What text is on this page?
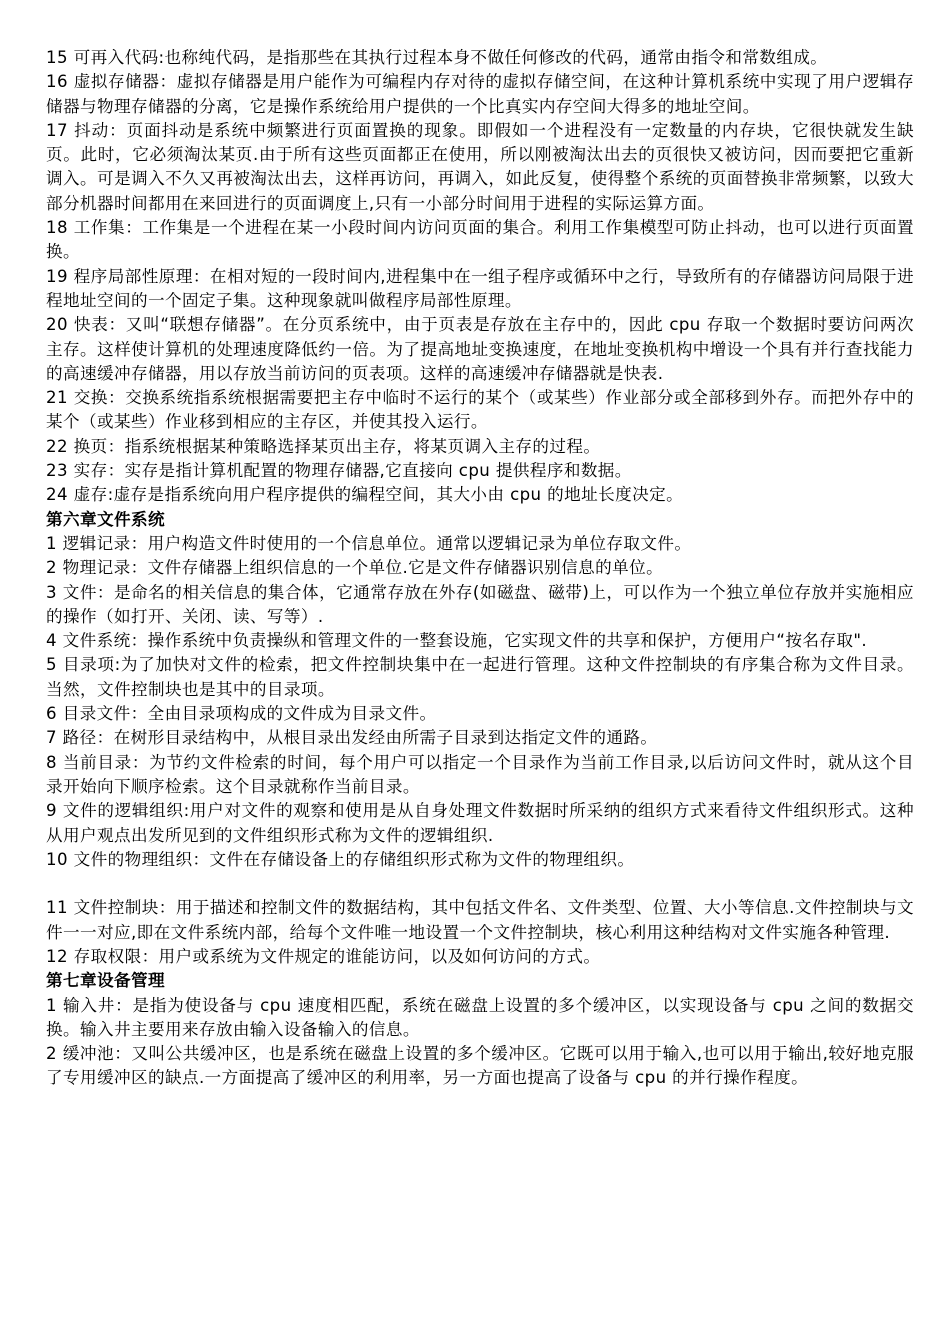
15 可再入代码:也称纯代码，是指那些在其执行过程本身不做任何修改的代码，通常由指令和常数组成。
16 虚拟存储器：虚拟存储器是用户能作为可编程内存对待的虚拟存储空间，在这种计算机系统中实现了用户逻辑存储器与物理存储器的分离，它是操作系统给用户提供的一个比真实内存空间大得多的地址空间。
17 抖动：页面抖动是系统中频繁进行页面置换的现象。即假如一个进程没有一定数量的内存块，它很快就发生缺页。此时，它必须淘汰某页.由于所有这些页面都正在使用，所以刚被淘汰出去的页很快又被访问，因而要把它重新调入。可是调入不久又再被淘汰出去，这样再访问，再调入，如此反复，使得整个系统的页面替换非常频繁，以致大部分机器时间都用在来回进行的页面调度上,只有一小部分时间用于进程的实际运算方面。
18 工作集：工作集是一个进程在某一小段时间内访问页面的集合。利用工作集模型可防止抖动，也可以进行页面置换。
19 程序局部性原理：在相对短的一段时间内,进程集中在一组子程序或循环中之行，导致所有的存储器访问局限于进程地址空间的一个固定子集。这种现象就叫做程序局部性原理。
20 快表：又叫“联想存储器”。在分页系统中，由于页表是存放在主存中的，因此 cpu 存取一个数据时要访问两次主存。这样使计算机的处理速度降低约一倍。为了提高地址变换速度，在地址变换机构中增设一个具有并行查找能力的高速缓冲存储器，用以存放当前访问的页表项。这样的高速缓冲存储器就是快表.
21 交换：交换系统指系统根据需要把主存中临时不运行的某个（或某些）作业部分或全部移到外存。而把外存中的某个（或某些）作业移到相应的主存区，并使其投入运行。
22 换页：指系统根据某种策略选择某页出主存，将某页调入主存的过程。
23 实存：实存是指计算机配置的物理存储器,它直接向 cpu 提供程序和数据。
24 虚存:虚存是指系统向用户程序提供的编程空间，其大小由 cpu 的地址长度决定。
第六章文件系统
1 逻辑记录：用户构造文件时使用的一个信息单位。通常以逻辑记录为单位存取文件。
2 物理记录：文件存储器上组织信息的一个单位.它是文件存储器识别信息的单位。
3 文件：是命名的相关信息的集合体，它通常存放在外存(如磁盘、磁带)上，可以作为一个独立单位存放并实施相应的操作（如打开、关闭、读、写等）.
4 文件系统：操作系统中负责操纵和管理文件的一整套设施，它实现文件的共享和保护，方便用户“按名存取".
5 目录项:为了加快对文件的检索，把文件控制块集中在一起进行管理。这种文件控制块的有序集合称为文件目录。当然，文件控制块也是其中的目录项。
6 目录文件：全由目录项构成的文件成为目录文件。
7 路径：在树形目录结构中，从根目录出发经由所需子目录到达指定文件的通路。
8 当前目录：为节约文件检索的时间，每个用户可以指定一个目录作为当前工作目录,以后访问文件时，就从这个目录开始向下顺序检索。这个目录就称作当前目录。
9 文件的逻辑组织:用户对文件的观察和使用是从自身处理文件数据时所采纳的组织方式来看待文件组织形式。这种从用户观点出发所见到的文件组织形式称为文件的逻辑组织.
10 文件的物理组织：文件在存储设备上的存储组织形式称为文件的物理组织。
11 文件控制块：用于描述和控制文件的数据结构，其中包括文件名、文件类型、位置、大小等信息.文件控制块与文件一一对应,即在文件系统内部，给每个文件唯一地设置一个文件控制块，核心利用这种结构对文件实施各种管理.
12 存取权限：用户或系统为文件规定的谁能访问，以及如何访问的方式。
第七章设备管理
1 输入井：是指为使设备与 cpu 速度相匹配，系统在磁盘上设置的多个缓冲区，以实现设备与 cpu 之间的数据交换。输入井主要用来存放由输入设备输入的信息。
2 缓冲池：又叫公共缓冲区，也是系统在磁盘上设置的多个缓冲区。它既可以用于输入,也可以用于输出,较好地克服了专用缓冲区的缺点.一方面提高了缓冲区的利用率，另一方面也提高了设备与 cpu 的并行操作程度。
